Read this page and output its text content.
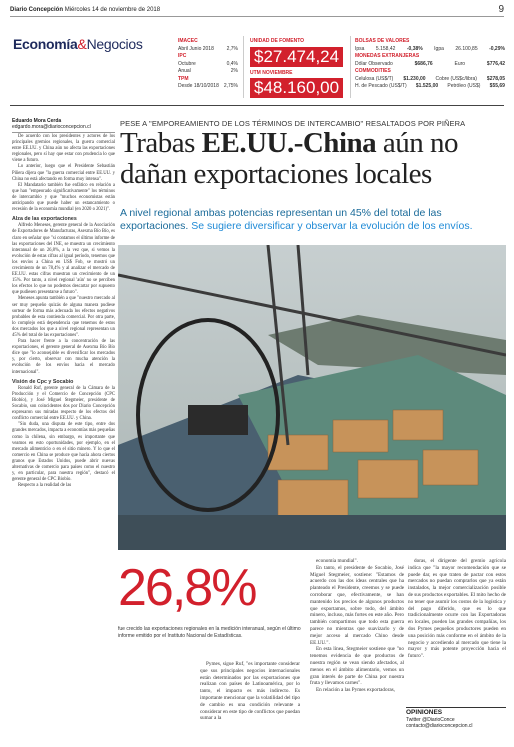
Diario Concepción Miércoles 14 de noviembre de 2018	9
Economía&Negocios	IMACEC
Abril Junio 2018	2,7%
IPC
Octubre	0,4%
Anual	2%
TPM
Desde 18/10/2018 2,75%
UNIDAD DE FOMENTO
$27.474,24
UTM NOVIEMBRE
$48.160,00
BOLSAS DE VALORES
Ipsa 5.158,42 -0,38% Igpa 26.100,85 -0,29%
MONEDAS EXTRANJERAS
Dólar Observado	$686,76	Euro	$776,42
COMMODITIES
Celulosa (US$/T) $1.230,00 Cobre (US$c/libra) $278,05
H. de Pescado (US$/T) $1.525,00 Petróleo (US$) $55,69
PESE A "EMPOREAMIENTO DE LOS TÉRMINOS DE INTERCAMBIO" RESALTADOS POR PIÑERA
Trabas EE.UU.-China aún no dañan exportaciones locales
A nivel regional ambas potencias representan un 45% del total de las exportaciones. Se sugiere diversificar y observar la evolución de los envíos.
Eduardo Mora Cerda
edgardo.mora@diarioconcepcion.cl

De acuerdo con los presidentes y actores de los principales gremios regionales, la guerra comercial entre EE.UU. y China aún no afecta las exportaciones regionales, pero sí hay que estar con prudencia lo que viene a futuro.

Lo anterior, luego que el Presidente Sebastián Piñera dijera que "la guerra comercial entre EE.UU. y China no está afectando en forma muy intensa".

El Mandatario también fue enfático en relación a que han "empeorado significativamente" los términos de intercambio y que "muchos economistas están anticipando que puede haber un estancamiento o recesión de la economía mundial (en 2020 o 2021)".

Alza de las exportaciones

Alfredo Meneses, gerente general de la Asociación de Exportadores de Manufacturas, Asexma Bío Bío, es claro en señalar que "si contamos el último informe de las exportaciones del INE, se muestra un crecimiento interanual de un 26,8%, a la vez que, si vemos la evolución de estas cifras al igual período, tenemos que los envíos a China en US$ Fob, se mostró un crecimiento de un 78,4% y al analizar el mercado de EE.UU. estas cifras muestran un crecimiento de un 15%. Por tanto, a nivel regional 'aún' no se perciben los efectos lo que no podemos descartar por supuesto que pudiesen presentarse a futuro".

Meneses apunta también a que "nuestro mercado al ser muy pequeño quizás de alguna manera pudiese sortear de forma más adecuada los efectos negativos probables de esta contienda comercial. Por otra parte, lo complejo está dependencia que tenemos de estos dos mercados los que a nivel regional representan un 45% del total de las exportaciones".

Para hacer frente a la concentración de las exportaciones, el gerente general de Asexma Bío Bío dice que "lo aconsejable es diversificar los mercados y, por cierto, observar con mucha atención la evolución de los envíos hacia el mercado internacional".

Visión de Cpc y Socabio

Ronald Ruf, gerente general de la Cámara de la Producción y el Comercio de Concepción (CPC Biobío), y José Miguel Stegmeier, presidente de Socabio, son coincidentes dos por Diario Concepción expresaron sus miradas respecto de los efectos del conflicto comercial entre EE.UU. y China.

"Sin duda, una disputa de este tipo, entre dos grandes mercados, impacta a economías más pequeñas como la chilena, sin embargo, es importante que veamos en esto oportunidades, por ejemplo, en el mercado alimenticio o en el sitio minero. Y lo que el comercio en China se produce que hacía ahora ciertos granos que Estados Unidos, puede abrir nuevas alternativas de comercio para países como el nuestro y, en particular, para nuestra región", destacó el gerente general de CPC Biobío.

Respecto a la realidad de las

26,8%
fue crecido las exportaciones regionales en la medición interanual, según el último informe emitido por el Instituto Nacional de Estadísticas.

Pymes, sigue Ruf, "es importante considerar que sus principales negocios internacionales están determinados por las exportaciones que realizan con países de Latinoamérica, por lo tanto, el impacto es más indirecto. Es importante mencionar que la volatilidad del tipo de cambio es una condición relevante a considerar en este tipo de conflictos que puedan sumar a la

economía mundial".

En tanto, el presidente de Socabio, José Miguel Stegmeier, sostiene: "Estamos de acuerdo con las dos ideas centrales que ha planteado el Presidente, creemos y se puede corroborar que, efectivamente, se han mantenido los precios de algunos productos que exportamos, sobre todo, del ámbito minero, incluso, más fortes en este año. Pero también compartimos que todo esta guerra parece no mientras que suavizarlo y de mejor acceso al mercado Chino desde EE.UU.".

En esta línea, Stegmeier sostiene que "no tenemos evidencia de que productos de nuestra región se vean siendo afectados, al menos en el ámbito alimentario, vemos un gran interés de parte de China por nuestra fruta y llevamos carnes".

En relación a las Pymes exportadoras,

doras, el dirigente del gremio agrícola indica que "la mayor recomendación que se puede dar, es que traten de pactar con estos mercados no puedan comprarlos que ya están instalados, la mejor comercialización posible de sus productos exportables. El mito hecho de no tener que asumir los costos de la logística y del pago diferido, que es lo que tradicionalmente ocurre con las Exportadoras en locales, pueden las grandes compañías, los dos Pymes pequeños productores pueden en una posición más conforme en el ámbito de la negocio y accediendo al mercado que tiene la mayor y más potente proyección hacia el futuro".

OPINIONES
Twitter @DiarioConce
contacto@diarioconcepcion.cl
